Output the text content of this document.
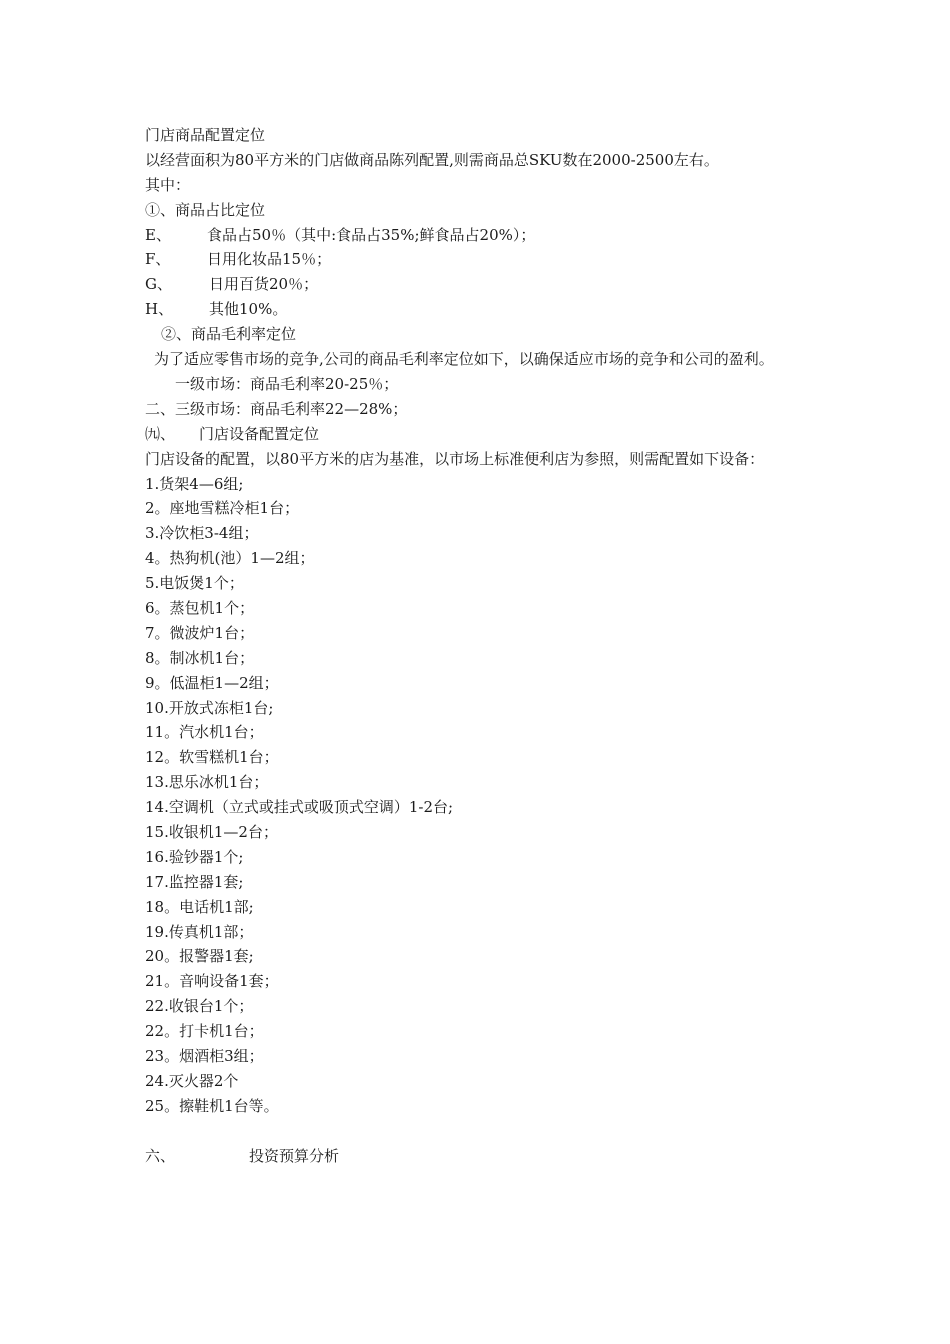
门店商品配置定位
以经营面积为80平方米的门店做商品陈列配置,则需商品总SKU数在2000-2500左右。
其中：
①、商品占比定位
E、	食品占50％（其中:食品占35%;鲜食品占20%）；
F、	日用化妆品15％；
G、	日用百货20％；
H、	其他10%。
②、商品毛利率定位
为了适应零售市场的竞争,公司的商品毛利率定位如下，以确保适应市场的竞争和公司的盈利。
一级市场：商品毛利率20-25％；
二、三级市场：商品毛利率22—28%；
㈨、	门店设备配置定位
门店设备的配置，以80平方米的店为基准，以市场上标准便利店为参照，则需配置如下设备：
1.货架4—6组;
2。座地雪糕冷柜1台；
3.冷饮柜3-4组；
4。热狗机(池）1—2组；
5.电饭煲1个；
6。蒸包机1个；
7。微波炉1台；
8。制冰机1台；
9。低温柜1—2组；
10.开放式冻柜1台;
11。汽水机1台；
12。软雪糕机1台；
13.思乐冰机1台；
14.空调机（立式或挂式或吸顶式空调）1-2台;
15.收银机1—2台；
16.验钞器1个;
17.监控器1套;
18。电话机1部;
19.传真机1部；
20。报警器1套;
21。音响设备1套；
22.收银台1个；
22。打卡机1台；
23。烟酒柜3组；
24.灭火器2个
25。擦鞋机1台等。
六、	投资预算分析
